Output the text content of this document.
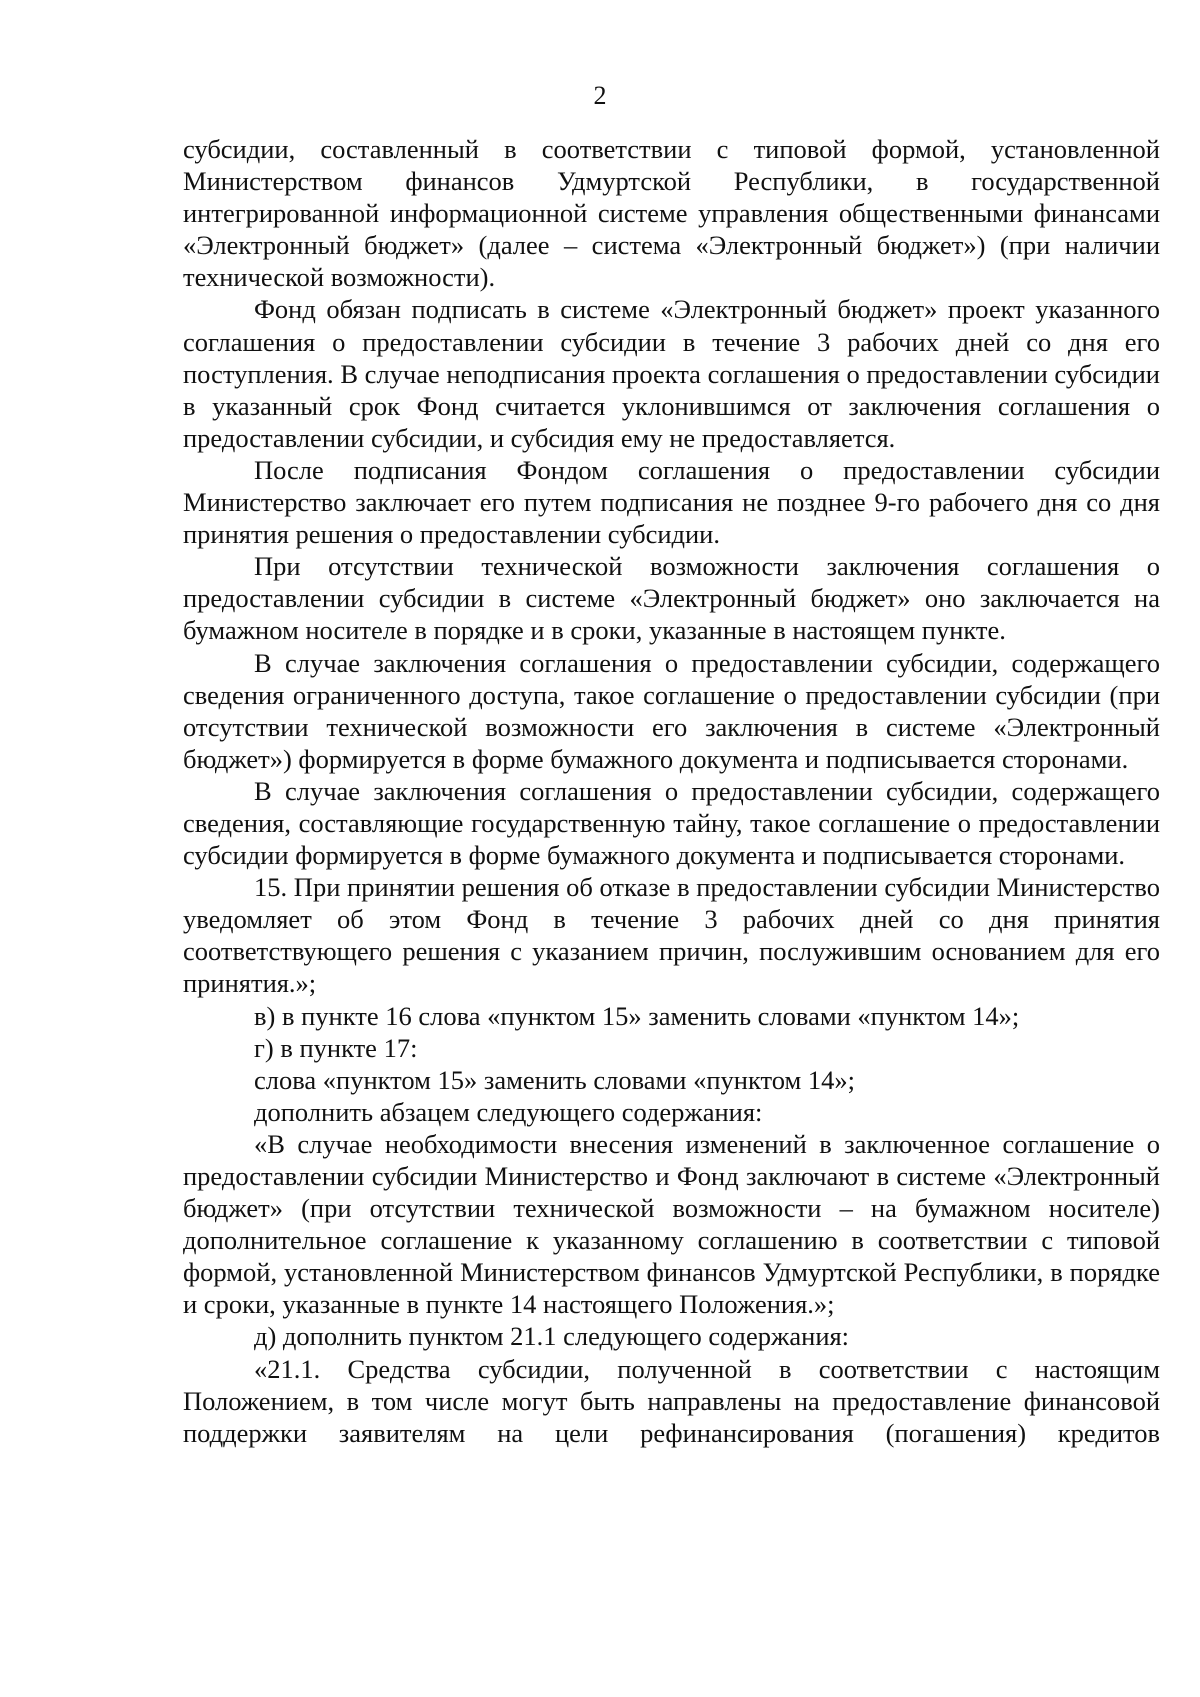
2

субсидии, составленный в соответствии с типовой формой, установленной Министерством финансов Удмуртской Республики, в государственной интегрированной информационной системе управления общественными финансами «Электронный бюджет» (далее – система «Электронный бюджет») (при наличии технической возможности).

Фонд обязан подписать в системе «Электронный бюджет» проект указанного соглашения о предоставлении субсидии в течение 3 рабочих дней со дня его поступления. В случае неподписания проекта соглашения о предоставлении субсидии в указанный срок Фонд считается уклонившимся от заключения соглашения о предоставлении субсидии, и субсидия ему не предоставляется.

После подписания Фондом соглашения о предоставлении субсидии Министерство заключает его путем подписания не позднее 9-го рабочего дня со дня принятия решения о предоставлении субсидии.

При отсутствии технической возможности заключения соглашения о предоставлении субсидии в системе «Электронный бюджет» оно заключается на бумажном носителе в порядке и в сроки, указанные в настоящем пункте.

В случае заключения соглашения о предоставлении субсидии, содержащего сведения ограниченного доступа, такое соглашение о предоставлении субсидии (при отсутствии технической возможности его заключения в системе «Электронный бюджет») формируется в форме бумажного документа и подписывается сторонами.

В случае заключения соглашения о предоставлении субсидии, содержащего сведения, составляющие государственную тайну, такое соглашение о предоставлении субсидии формируется в форме бумажного документа и подписывается сторонами.

15. При принятии решения об отказе в предоставлении субсидии Министерство уведомляет об этом Фонд в течение 3 рабочих дней со дня принятия соответствующего решения с указанием причин, послужившим основанием для его принятия.»;

в) в пункте 16 слова «пунктом 15» заменить словами «пунктом 14»;

г) в пункте 17:

слова «пунктом 15» заменить словами «пунктом 14»;

дополнить абзацем следующего содержания:

«В случае необходимости внесения изменений в заключенное соглашение о предоставлении субсидии Министерство и Фонд заключают в системе «Электронный бюджет» (при отсутствии технической возможности – на бумажном носителе) дополнительное соглашение к указанному соглашению в соответствии с типовой формой, установленной Министерством финансов Удмуртской Республики, в порядке и сроки, указанные в пункте 14 настоящего Положения.»;

д) дополнить пунктом 21.1 следующего содержания:

«21.1. Средства субсидии, полученной в соответствии с настоящим Положением, в том числе могут быть направлены на предоставление финансовой поддержки заявителям на цели рефинансирования (погашения) кредитов
